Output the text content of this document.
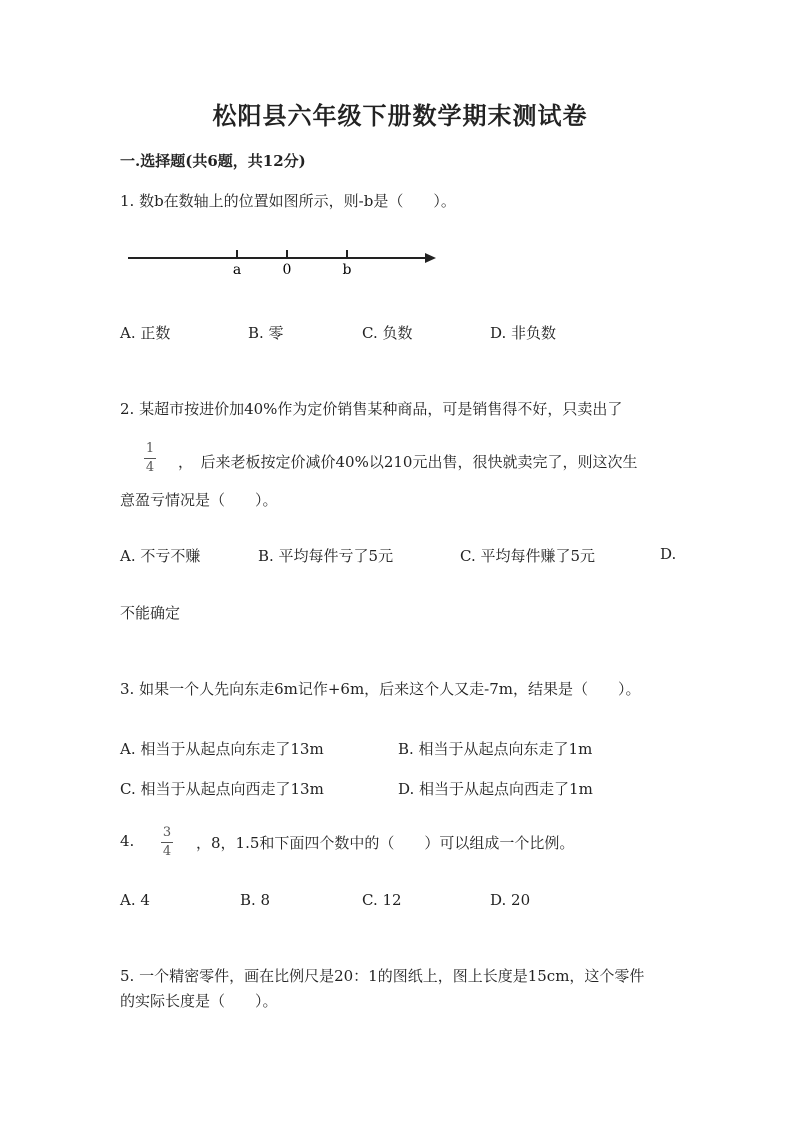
松阳县六年级下册数学期末测试卷
一.选择题(共6题，共12分)
1. 数b在数轴上的位置如图所示，则-b是（　　）。
a	0	b
A. 正数	B. 零	C. 负数	D. 非负数
2. 某超市按进价加40%作为定价销售某种商品，可是销售得不好，只卖出了
1
4 ，　后来老板按定价减价40%以210元出售，很快就卖完了，则这次生
意盈亏情况是（　　）。
A. 不亏不赚	B. 平均每件亏了5元	C. 平均每件赚了5元	D.
不能确定
3. 如果一个人先向东走6m记作+6m，后来这个人又走-7m，结果是（　　）。
A. 相当于从起点向东走了13m	B. 相当于从起点向东走了1m
C. 相当于从起点向西走了13m	D. 相当于从起点向西走了1m
4. 3
4 ，8，1.5和下面四个数中的（　　）可以组成一个比例。
A. 4	B. 8	C. 12	D. 20
5. 一个精密零件，画在比例尺是20：1的图纸上，图上长度是15cm，这个零件
的实际长度是（　　）。
